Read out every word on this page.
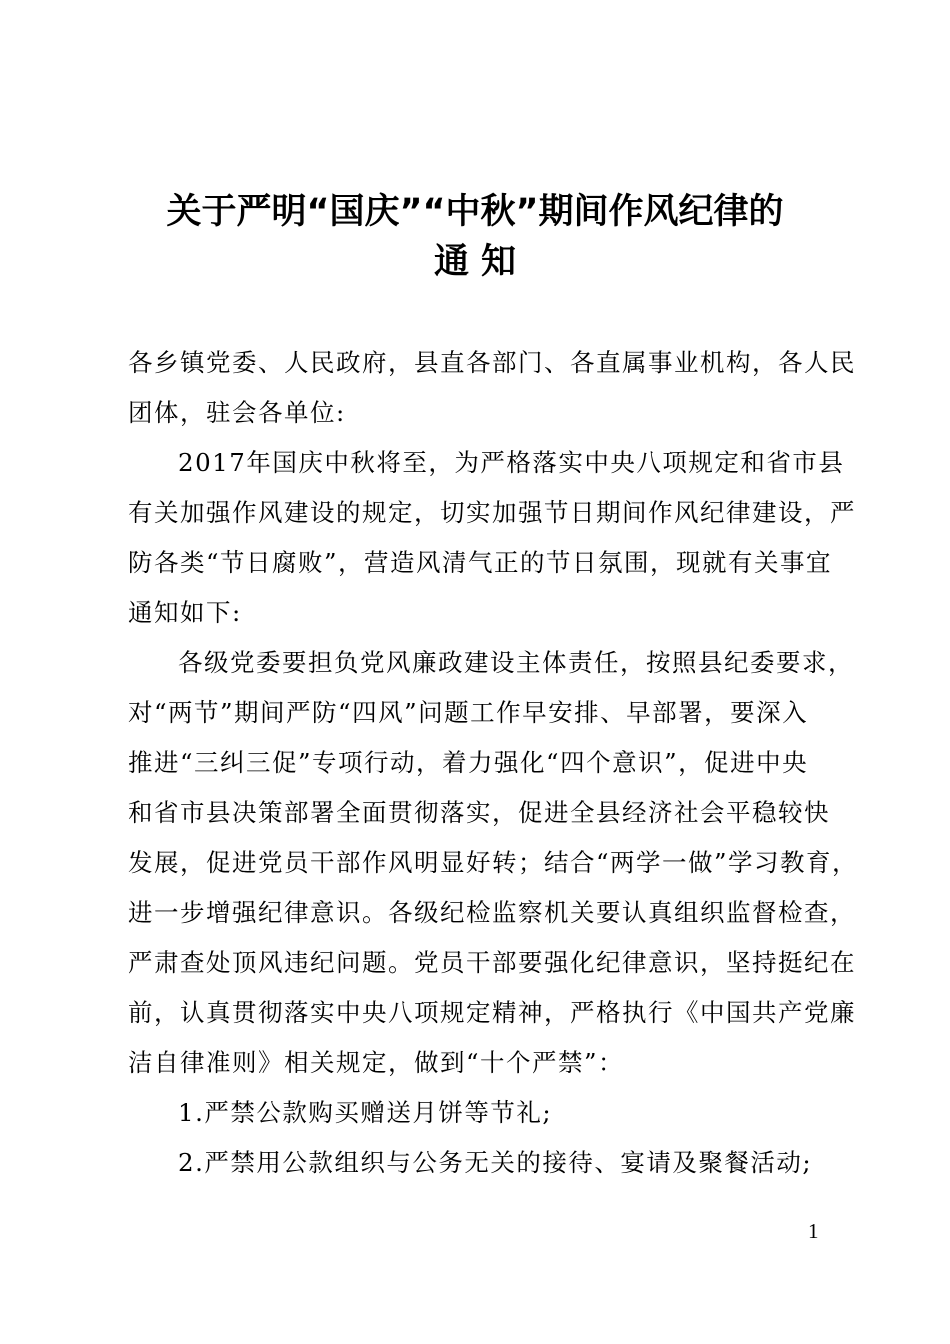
关于严明“国庆”“中秋”期间作风纪律的
通知
各乡镇党委、人民政府，县直各部门、各直属事业机构，各人民
团体，驻会各单位:
2017年国庆中秋将至，为严格落实中央八项规定和省市县
有关加强作风建设的规定，切实加强节日期间作风纪律建设，严
防各类“节日腐败”，营造风清气正的节日氛围，现就有关事宜
通知如下:
各级党委要担负党风廉政建设主体责任，按照县纪委要求，
对“两节”期间严防“四风”问题工作早安排、早部署，要深入
推进“三纠三促”专项行动，着力强化“四个意识”，促进中央
和省市县决策部署全面贯彻落实，促进全县经济社会平稳较快
发展，促进党员干部作风明显好转；结合“两学一做”学习教育，
进一步增强纪律意识。各级纪检监察机关要认真组织监督检查，
严肃查处顶风违纪问题。党员干部要强化纪律意识，坚持挺纪在
前，认真贯彻落实中央八项规定精神，严格执行《中国共产党廉
洁自律准则》相关规定，做到“十个严禁”：
1.严禁公款购买赠送月饼等节礼;
2.严禁用公款组织与公务无关的接待、宴请及聚餐活动;
1
